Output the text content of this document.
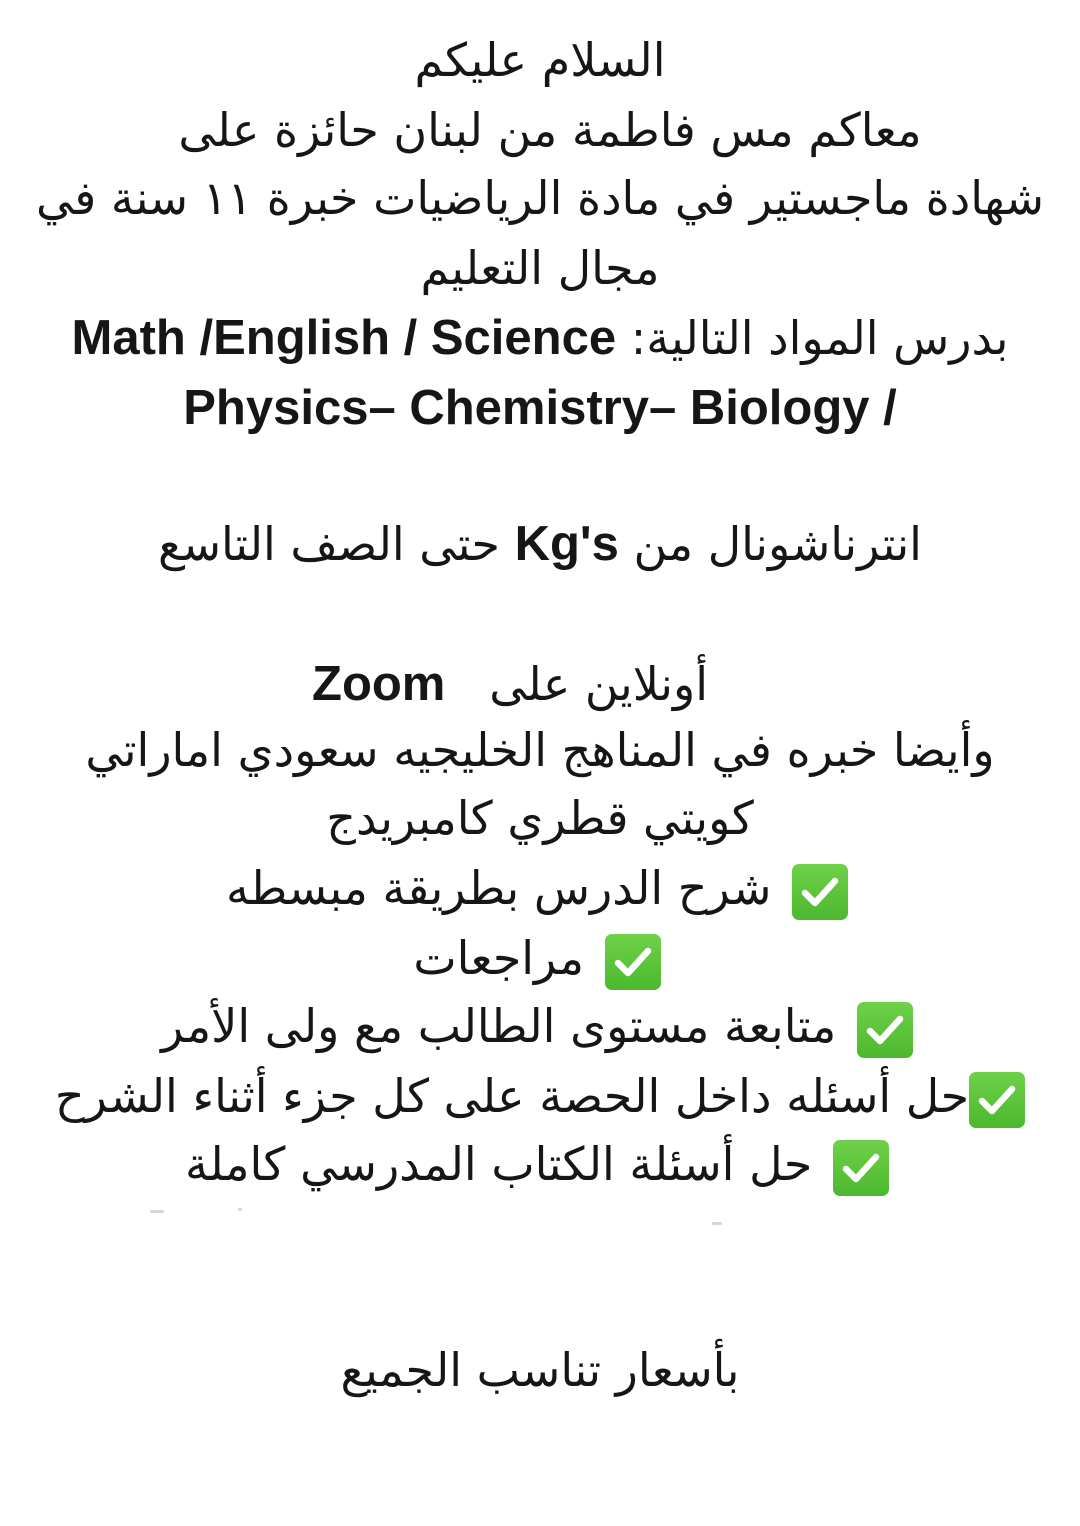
السلام عليكم
معاكم مس فاطمة من لبنان حائزة على
شهادة ماجستير في مادة الرياضيات خبرة ١١ سنة في
مجال التعليم
بدرس المواد التالية: Math /English / Science
Physics– Chemistry– Biology /
انترناشونال من Kg's حتى الصف التاسع
أونلاين على   Zoom
وأيضا خبره في المناهج الخليجيه سعودي اماراتي
كويتي قطري كامبريدج
شرح الدرس بطريقة مبسطه
مراجعات
متابعة مستوى الطالب مع ولى الأمر
حل أسئله داخل الحصة على كل جزء أثناء الشرح
حل أسئلة الكتاب المدرسي كاملة
بأسعار تناسب الجميع
